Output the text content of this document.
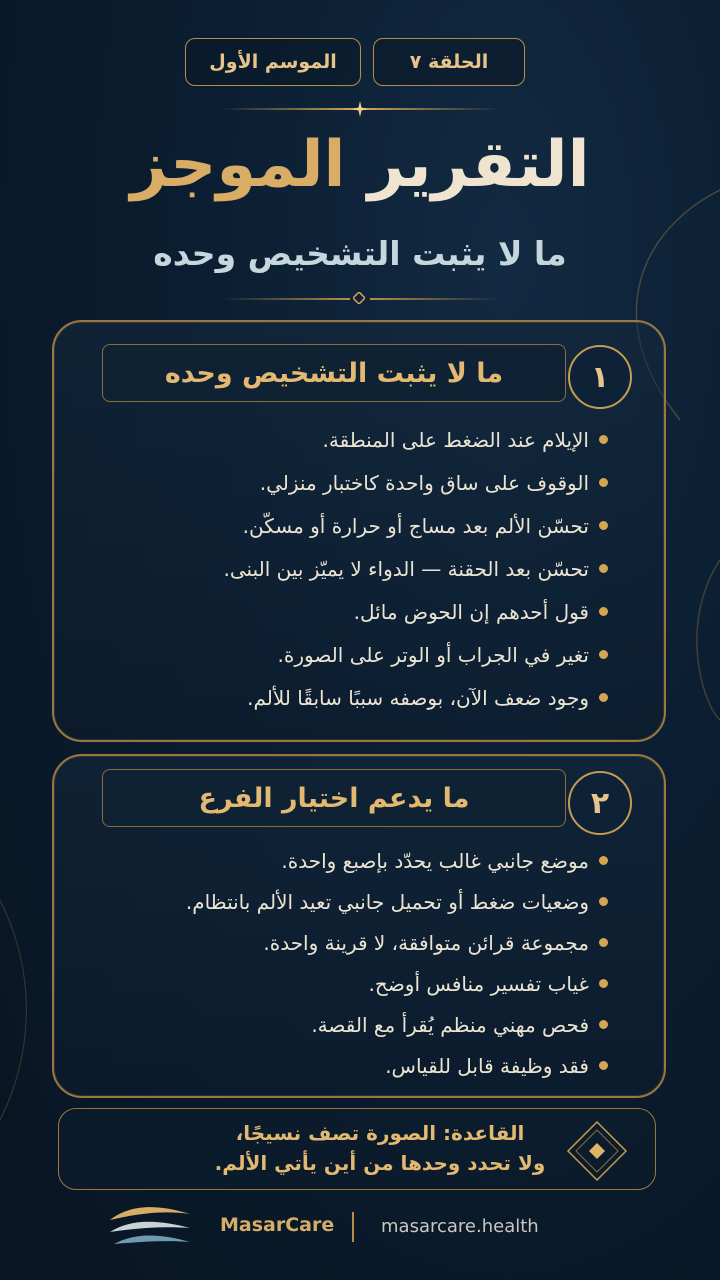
الحلقة ٧
الموسم الأول
التقرير الموجز
ما لا يثبت التشخيص وحده
ما لا يثبت التشخيص وحده	١
الإيلام عند الضغط على المنطقة.
الوقوف على ساق واحدة كاختبار منزلي.
تحسّن الألم بعد مساج أو حرارة أو مسكّن.
تحسّن بعد الحقنة — الدواء لا يميّز بين البنى.
قول أحدهم إن الحوض مائل.
تغير في الجراب أو الوتر على الصورة.
وجود ضعف الآن، بوصفه سببًا سابقًا للألم.
ما يدعم اختيار الفرع	٢
موضع جانبي غالب يحدّد بإصبع واحدة.
وضعيات ضغط أو تحميل جانبي تعيد الألم بانتظام.
مجموعة قرائن متوافقة، لا قرينة واحدة.
غياب تفسير منافس أوضح.
فحص مهني منظم يُقرأ مع القصة.
فقد وظيفة قابل للقياس.
القاعدة: الصورة تصف نسيجًا،
ولا تحدد وحدها من أين يأتي الألم.
MasarCare	masarcare.health
